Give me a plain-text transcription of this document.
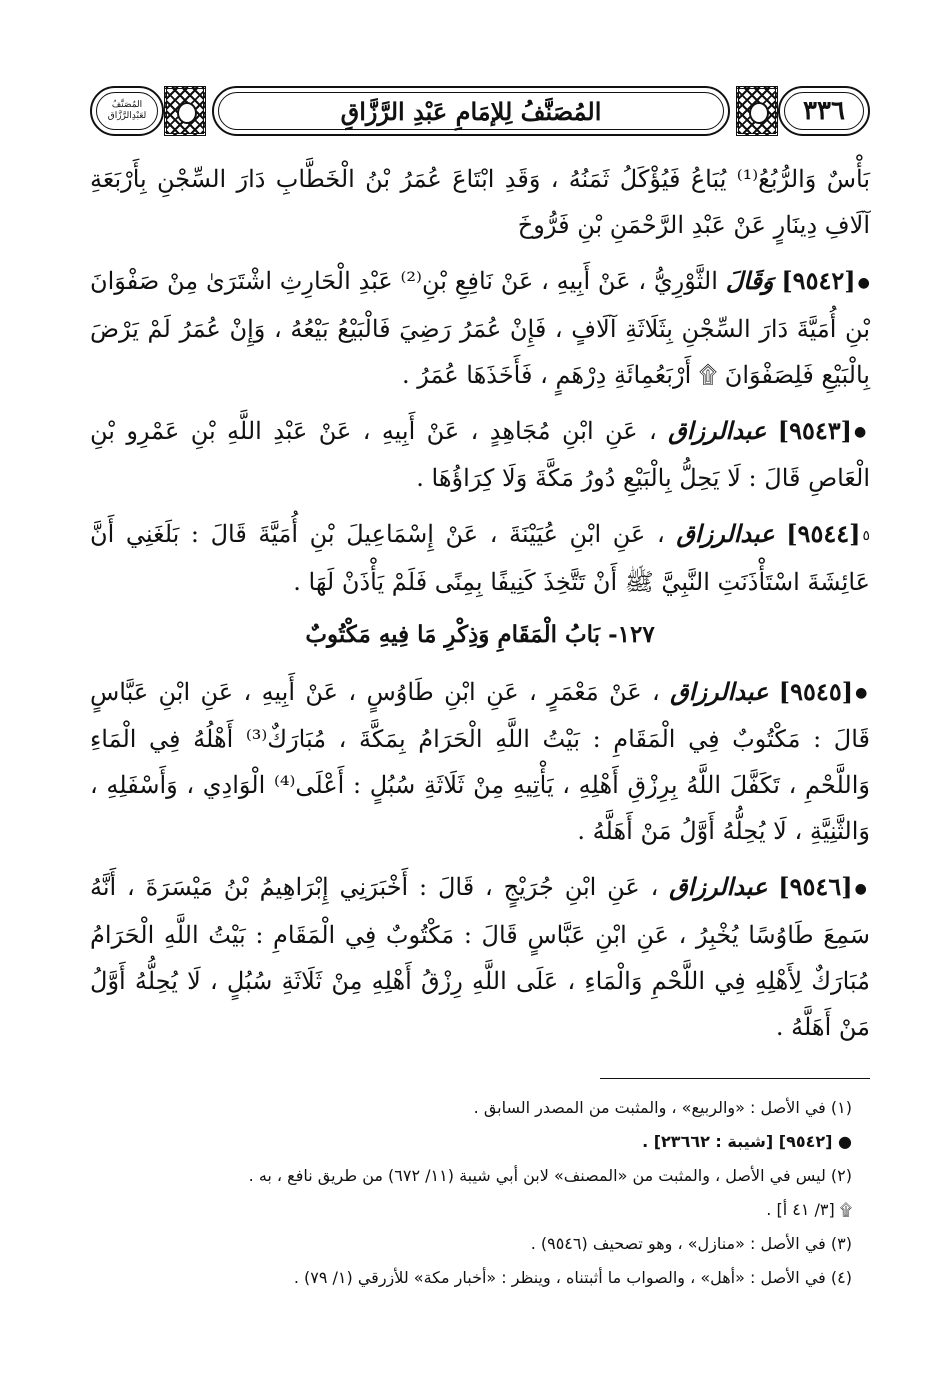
٣٣٦
المُصَنَّفُ لِلإمَامِ عَبْدِ الرَّزَّاقِ
المُصَنَّفُ
لعَبْدِالرَّزَّاق

بَأْسٌ وَالرُّبُعُ⁽¹⁾ يُبَاعُ فَيُؤْكَلُ ثَمَنُهُ ، وَقَدِ ابْتَاعَ عُمَرُ بْنُ الْخَطَّابِ دَارَ السِّجْنِ بِأَرْبَعَةِ آلَافِ دِينَارٍ عَنْ عَبْدِ الرَّحْمَنِ بْنِ فَرُّوخَ

●[٩٥٤٢] وَقَالَ الثَّوْرِيُّ ، عَنْ أَبِيهِ ، عَنْ نَافِعِ بْنِ⁽²⁾ عَبْدِ الْحَارِثِ اشْتَرَىٰ مِنْ صَفْوَانَ بْنِ أُمَيَّةَ دَارَ السِّجْنِ بِثَلَاثَةِ آلَافٍ ، فَإِنْ عُمَرُ رَضِيَ فَالْبَيْعُ بَيْعُهُ ، وَإِنْ عُمَرُ لَمْ يَرْضَ بِالْبَيْعِ فَلِصَفْوَانَ ۩ أَرْبَعُمِائَةِ دِرْهَمٍ ، فَأَخَذَهَا عُمَرُ .

●[٩٥٤٣] عبدالرزاق ، عَنِ ابْنِ مُجَاهِدٍ ، عَنْ أَبِيهِ ، عَنْ عَبْدِ اللَّهِ بْنِ عَمْرِو بْنِ الْعَاصِ قَالَ : لَا يَحِلُّ بِالْبَيْعِ دُورُ مَكَّةَ وَلَا كِرَاؤُهَا .

٥[٩٥٤٤] عبدالرزاق ، عَنِ ابْنِ عُيَيْنَةَ ، عَنْ إِسْمَاعِيلَ بْنِ أُمَيَّةَ قَالَ : بَلَغَنِي أَنَّ عَائِشَةَ اسْتَأْذَنَتِ النَّبِيَّ ﷺ أَنْ تَتَّخِذَ كَنِيفًا بِمِنًى فَلَمْ يَأْذَنْ لَهَا .

١٢٧- بَابُ الْمَقَامِ وَذِكْرِ مَا فِيهِ مَكْتُوبٌ

●[٩٥٤٥] عبدالرزاق ، عَنْ مَعْمَرٍ ، عَنِ ابْنِ طَاوُسٍ ، عَنْ أَبِيهِ ، عَنِ ابْنِ عَبَّاسٍ قَالَ : مَكْتُوبٌ فِي الْمَقَامِ : بَيْتُ اللَّهِ الْحَرَامُ بِمَكَّةَ ، مُبَارَكٌ⁽³⁾ أَهْلُهُ فِي الْمَاءِ وَاللَّحْمِ ، تَكَفَّلَ اللَّهُ بِرِزْقِ أَهْلِهِ ، يَأْتِيهِ مِنْ ثَلَاثَةِ سُبُلٍ : أَعْلَى⁽⁴⁾ الْوَادِي ، وَأَسْفَلِهِ ، وَالثَّنِيَّةِ ، لَا يُحِلُّهُ أَوَّلُ مَنْ أَهَلَّهُ .

●[٩٥٤٦] عبدالرزاق ، عَنِ ابْنِ جُرَيْجٍ ، قَالَ : أَخْبَرَنِي إِبْرَاهِيمُ بْنُ مَيْسَرَةَ ، أَنَّهُ سَمِعَ طَاوُسًا يُخْبِرُ ، عَنِ ابْنِ عَبَّاسٍ قَالَ : مَكْتُوبٌ فِي الْمَقَامِ : بَيْتُ اللَّهِ الْحَرَامُ مُبَارَكٌ لِأَهْلِهِ فِي اللَّحْمِ وَالْمَاءِ ، عَلَى اللَّهِ رِزْقُ أَهْلِهِ مِنْ ثَلَاثَةِ سُبُلٍ ، لَا يُحِلُّهُ أَوَّلُ مَنْ أَهَلَّهُ .

(١) في الأصل : «والربيع» ، والمثبت من المصدر السابق .

● [٩٥٤٢] [شيبة : ٢٣٦٦٢] .

(٢) ليس في الأصل ، والمثبت من «المصنف» لابن أبي شيبة (١١/ ٦٧٢) من طريق نافع ، به .

۩ [٣/ ٤١ أ] .

(٣) في الأصل : «منازل» ، وهو تصحيف (٩٥٤٦) .

(٤) في الأصل : «أهل» ، والصواب ما أثبتناه ، وينظر : «أخبار مكة» للأزرقي (١/ ٧٩) .
